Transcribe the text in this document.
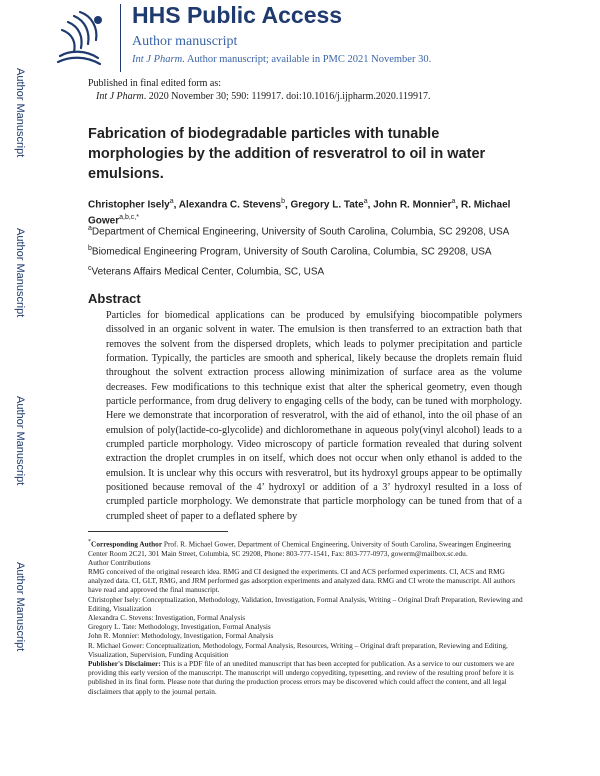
Author Manuscript
Author Manuscript
Author Manuscript
Author Manuscript
HHS Public Access
Author manuscript
Int J Pharm. Author manuscript; available in PMC 2021 November 30.
Published in final edited form as:
Int J Pharm. 2020 November 30; 590: 119917. doi:10.1016/j.ijpharm.2020.119917.
Fabrication of biodegradable particles with tunable morphologies by the addition of resveratrol to oil in water emulsions.
Christopher Isely$^a$, Alexandra C. Stevens$^b$, Gregory L. Tate$^a$, John R. Monnier$^a$, R. Michael Gower$^{a,b,c,*}$
$^a$Department of Chemical Engineering, University of South Carolina, Columbia, SC 29208, USA
$^b$Biomedical Engineering Program, University of South Carolina, Columbia, SC 29208, USA
$^c$Veterans Affairs Medical Center, Columbia, SC, USA
Abstract

Particles for biomedical applications can be produced by emulsifying biocompatible polymers dissolved in an organic solvent in water. The emulsion is then transferred to an extraction bath that removes the solvent from the dispersed droplets, which leads to polymer precipitation and particle formation. Typically, the particles are smooth and spherical, likely because the droplets remain fluid throughout the solvent extraction process allowing minimization of surface area as the volume decreases. Few modifications to this technique exist that alter the spherical geometry, even though particle performance, from drug delivery to engaging cells of the body, can be tuned with morphology. Here we demonstrate that incorporation of resveratrol, with the aid of ethanol, into the oil phase of an emulsion of poly(lactide-co-glycolide) and dichloromethane in aqueous poly(vinyl alcohol) leads to a crumpled particle morphology. Video microscopy of particle formation revealed that during solvent extraction the droplet crumples in on itself, which does not occur when only ethanol is added to the emulsion. It is unclear why this occurs with resveratrol, but its hydroxyl groups appear to be optimally positioned because removal of the 4’ hydroxyl or addition of a 3’ hydroxyl resulted in a loss of crumpled particle morphology. We demonstrate that particle morphology can be tuned from that of a crumpled sheet of paper to a deflated sphere by

*Corresponding Author Prof. R. Michael Gower, Department of Chemical Engineering, University of South Carolina, Swearingen Engineering Center Room 2C21, 301 Main Street, Columbia, SC 29208, Phone: 803-777-1541, Fax: 803-777-0973, gowerm@mailbox.sc.edu.

Author Contributions

RMG conceived of the original research idea. RMG and CI designed the experiments. CI and ACS performed experiments. CI, ACS and RMG analyzed data. CI, GLT, RMG, and JRM performed gas adsorption experiments and analyzed data. RMG and CI wrote the manuscript. All authors have read and approved the final manuscript.

Christopher Isely: Conceptualization, Methodology, Validation, Investigation, Formal Analysis, Writing – Original Draft Preparation, Reviewing and Editing, Visualization

Alexandra C. Stevens: Investigation, Formal Analysis

Gregory L. Tate: Methodology, Investigation, Formal Analysis

John R. Monnier: Methodology, Investigation, Formal Analysis

R. Michael Gower: Conceptualization, Methodology, Formal Analysis, Resources, Writing – Original draft preparation, Reviewing and Editing, Visualization, Supervision, Funding Acquisition

Publisher's Disclaimer: This is a PDF file of an unedited manuscript that has been accepted for publication. As a service to our customers we are providing this early version of the manuscript. The manuscript will undergo copyediting, typesetting, and review of the resulting proof before it is published in its final form. Please note that during the production process errors may be discovered which could affect the content, and all legal disclaimers that apply to the journal pertain.
